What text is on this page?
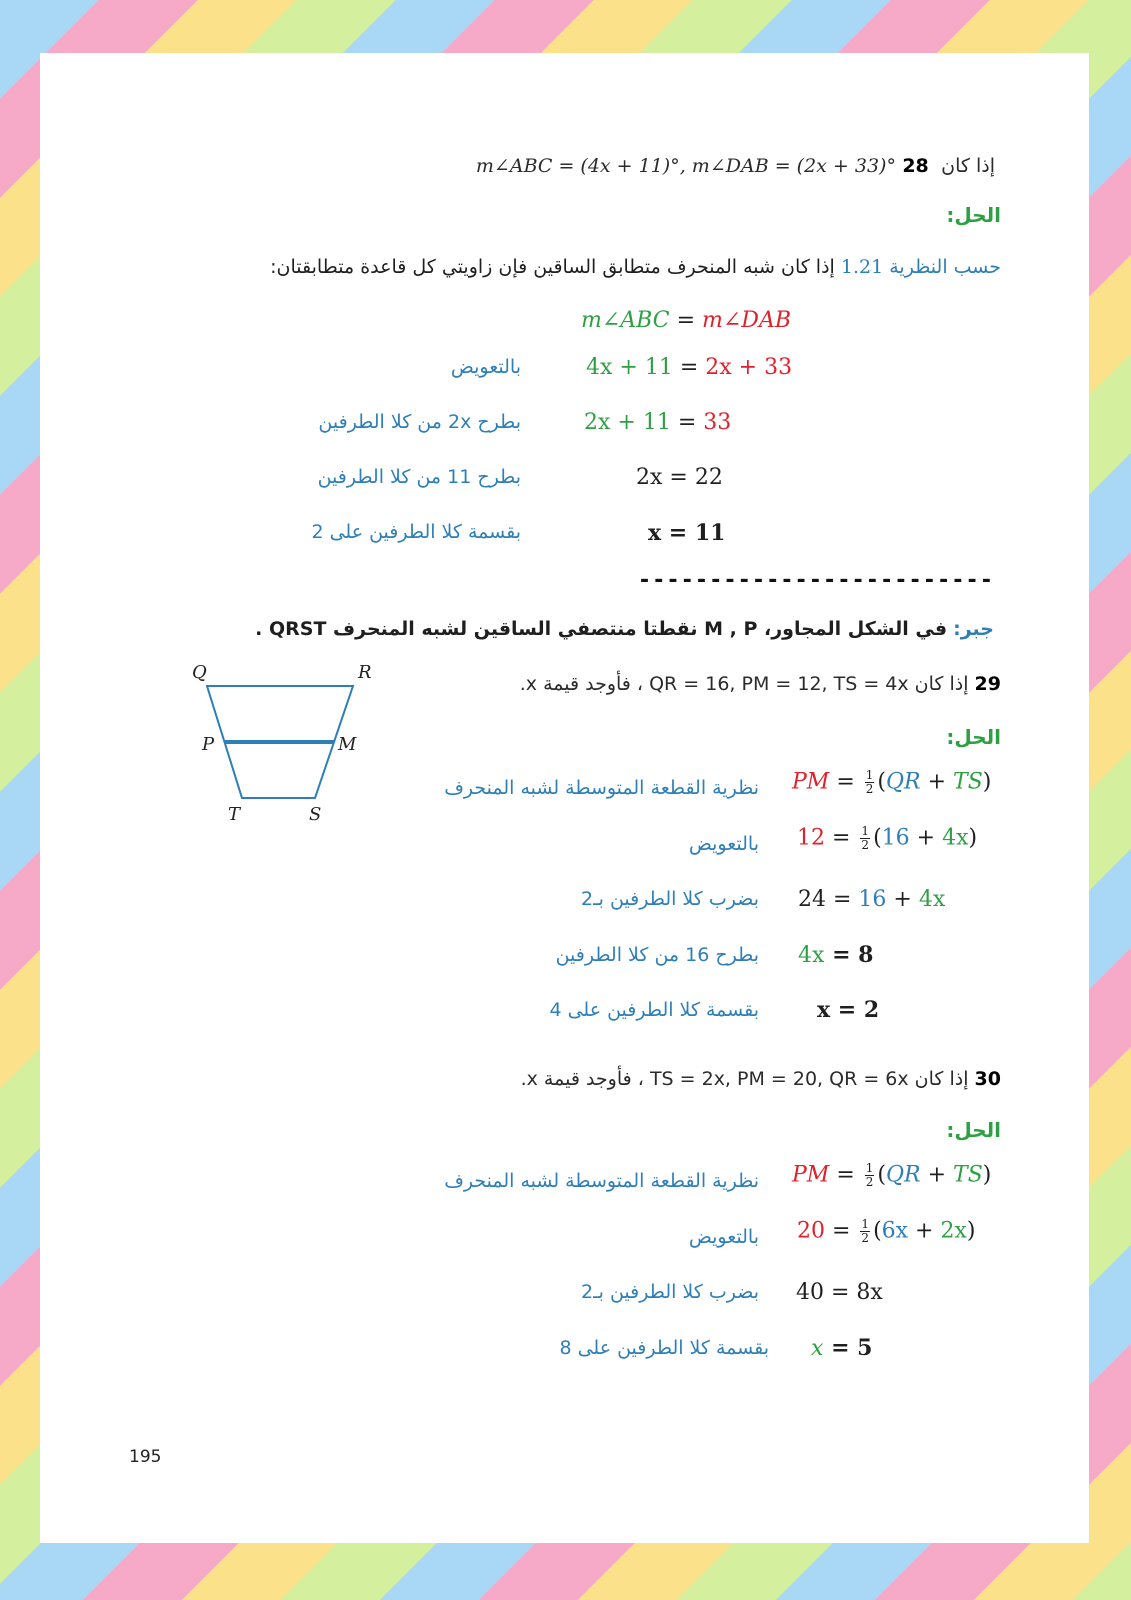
m∠ABC = (4x + 11)°, m∠DAB = (2x + 33)° إذا كان 28
الحل:
حسب النظرية 1.21 إذا كان شبه المنحرف متطابق الساقين فإن زاويتي كل قاعدة متطابقتان:
m∠ABC = m∠DAB
بالتعويض	4x + 11 = 2x + 33
بطرح 2x من كلا الطرفين	2x + 11 = 33
بطرح 11 من كلا الطرفين	2x = 22
بقسمة كلا الطرفين على 2	x = 11
-------------------------
جبر: في الشكل المجاور، M , P نقطتا منتصفي الساقين لشبه المنحرف QRST .
Q	R
P	M
T	S
29 إذا كان QR = 16, PM = 12, TS = 4x ، فأوجد قيمة x.
الحل:
نظرية القطعة المتوسطة لشبه المنحرف PM = $\frac{1}{2} (QR + TS)$
بالتعويض $12 = \frac{1}{2} (16 + 4x)$
بضرب كلا الطرفين بـ2 24 = 16 + 4x
بطرح 16 من كلا الطرفين 4x = 8
بقسمة كلا الطرفين على 4	x = 2
30 إذا كان TS = 2x, PM = 20, QR = 6x ، فأوجد قيمة x.
الحل:
نظرية القطعة المتوسطة لشبه المنحرف PM = $\frac{1}{2} (QR + TS)$
بالتعويض $20 = \frac{1}{2} (6x + 2x)$
بضرب كلا الطرفين بـ2 40 = 8x
بقسمة كلا الطرفين على 8 x = 5
195
